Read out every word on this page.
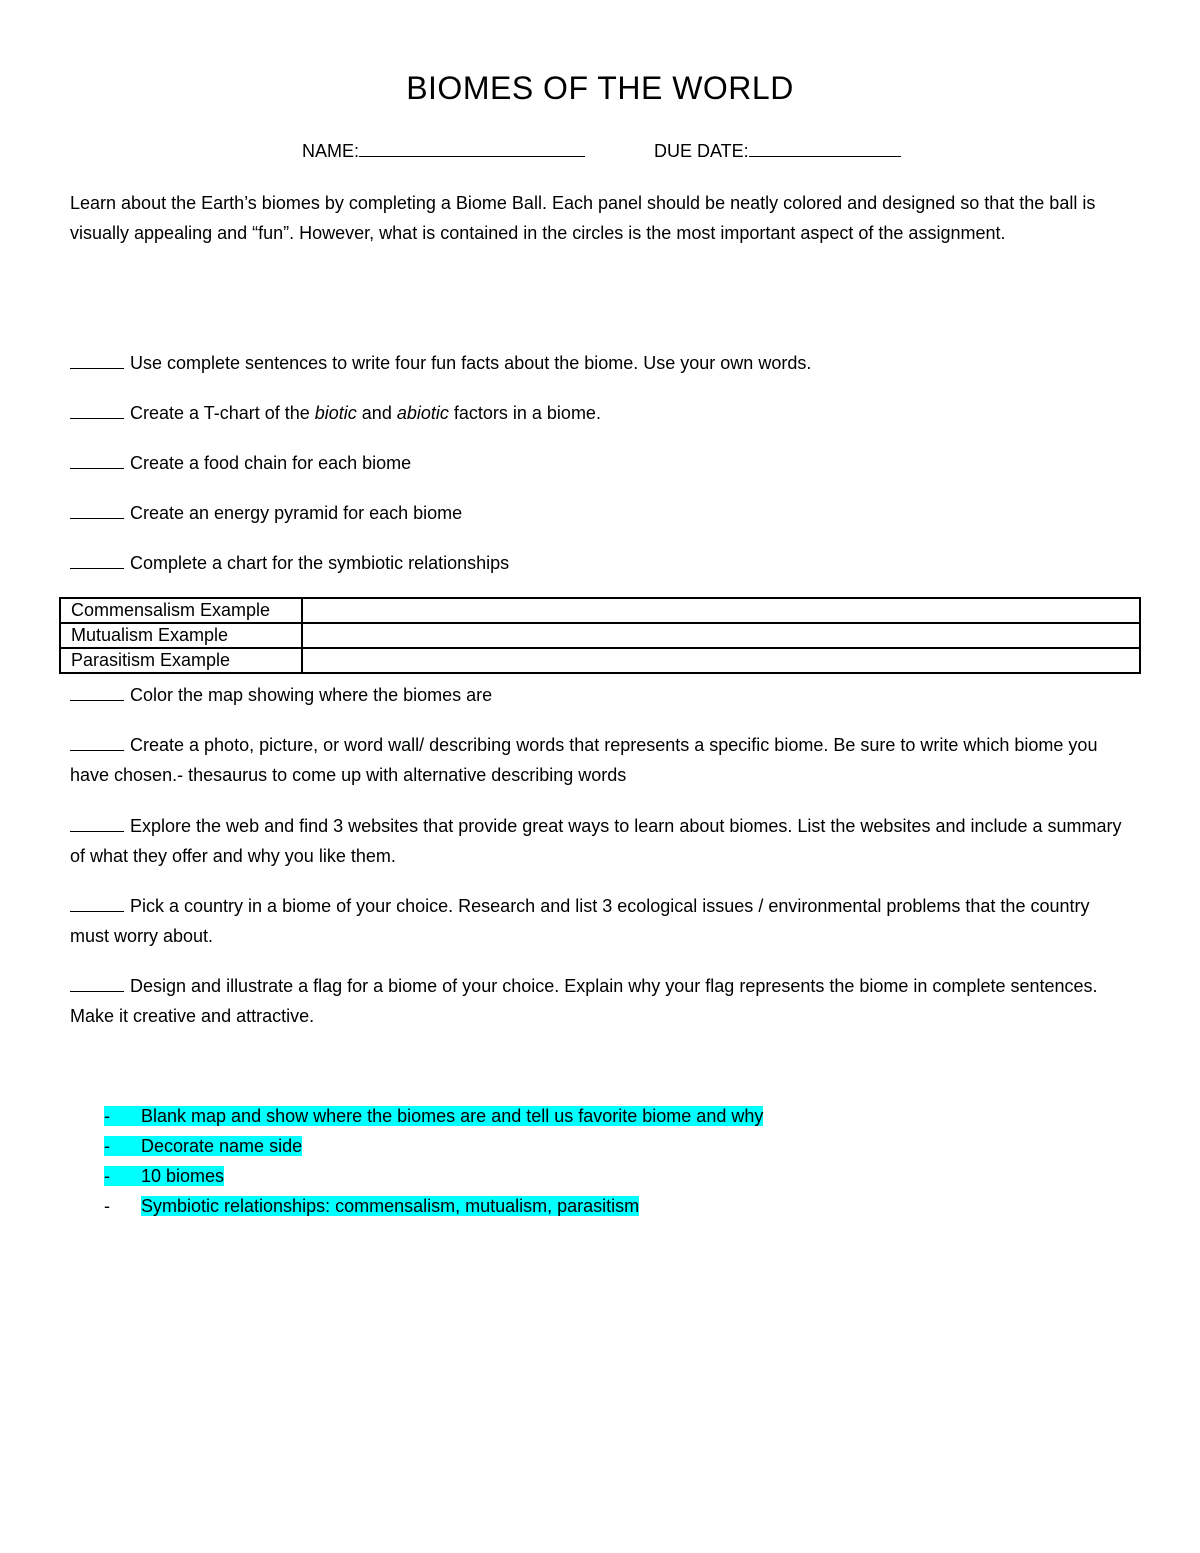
BIOMES OF THE WORLD
NAME:	DUE DATE:
Learn about the Earth’s biomes by completing a Biome Ball. Each panel should be neatly colored and designed so that the ball is visually appealing and “fun”. However, what is contained in the circles is the most important aspect of the assignment.
Use complete sentences to write four fun facts about the biome. Use your own words.
Create a T-chart of the biotic and abiotic factors in a biome.
Create a food chain for each biome
Create an energy pyramid for each biome
Complete a chart for the symbiotic relationships
Commensalism Example	
Mutualism Example	
Parasitism Example	
Color the map showing where the biomes are
Create a photo, picture, or word wall/ describing words that represents a specific biome. Be sure to write which biome you have chosen.- thesaurus to come up with alternative describing words
Explore the web and find 3 websites that provide great ways to learn about biomes. List the websites and include a summary of what they offer and why you like them.
Pick a country in a biome of your choice. Research and list 3 ecological issues / environmental problems that the country must worry about.
Design and illustrate a flag for a biome of your choice. Explain why your flag represents the biome in complete sentences. Make it creative and attractive.
- Blank map and show where the biomes are and tell us favorite biome and why
- Decorate name side
- 10 biomes
- Symbiotic relationships: commensalism, mutualism, parasitism
